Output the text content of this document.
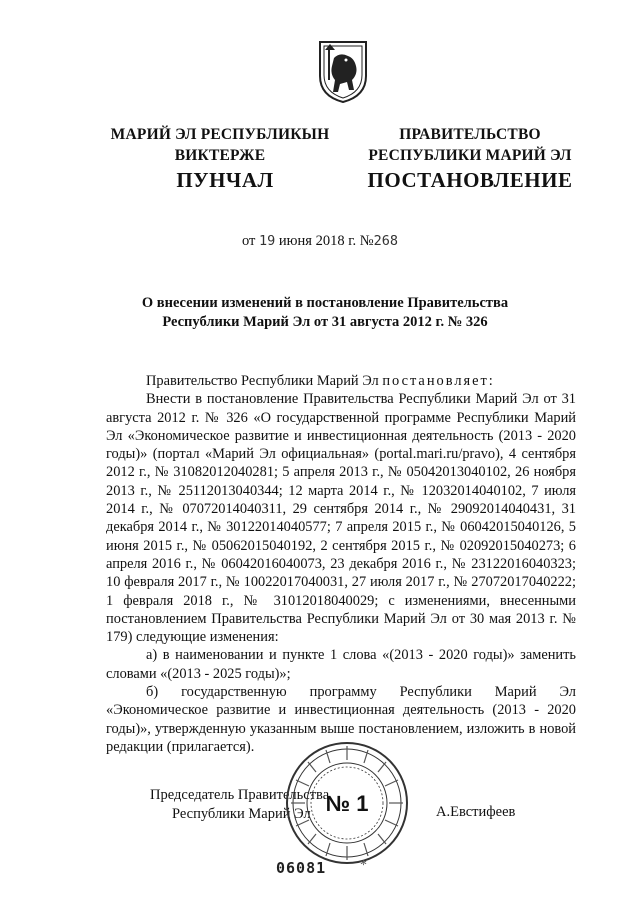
МАРИЙ ЭЛ РЕСПУБЛИКЫН
ВИКТЕРЖЕ
ПРАВИТЕЛЬСТВО
РЕСПУБЛИКИ МАРИЙ ЭЛ
ПУНЧАЛ	ПОСТАНОВЛЕНИЕ
от 19 июня 2018 г. №268
О внесении изменений в постановление Правительства
Республики Марий Эл от 31 августа 2012 г. № 326

Правительство Республики Марий Эл постановляет:

Внести в постановление Правительства Республики Марий Эл от 31 августа 2012 г. № 326 «О государственной программе Республики Марий Эл «Экономическое развитие и инвестиционная деятельность (2013 - 2020 годы)» (портал «Марий Эл официальная» (portal.mari.ru/pravo), 4 сентября 2012 г., № 31082012040281; 5 апреля 2013 г., № 05042013040102, 26 ноября 2013 г., № 25112013040344; 12 марта 2014 г., № 12032014040102, 7 июля 2014 г., № 07072014040311, 29 сентября 2014 г., № 29092014040431, 31 декабря 2014 г., № 30122014040577; 7 апреля 2015 г., № 06042015040126, 5 июня 2015 г., № 05062015040192, 2 сентября 2015 г., № 02092015040273; 6 апреля 2016 г., № 06042016040073, 23 декабря 2016 г., № 23122016040323; 10 февраля 2017 г., № 10022017040031, 27 июля 2017 г., № 27072017040222; 1 февраля 2018 г., № 31012018040029; с изменениями, внесенными постановлением Правительства Республики Марий Эл от 30 мая 2013 г. № 179) следующие изменения:

а) в наименовании и пункте 1 слова «(2013 - 2020 годы)» заменить словами «(2013 - 2025 годы)»;

б) государственную программу Республики Марий Эл «Экономическое развитие и инвестиционная деятельность (2013 - 2020 годы)», утвержденную указанным выше постановлением, изложить в новой редакции (прилагается).

Председатель Правительства
Республики Марий Эл	А.Евстифеев
№ 1
06081 *
